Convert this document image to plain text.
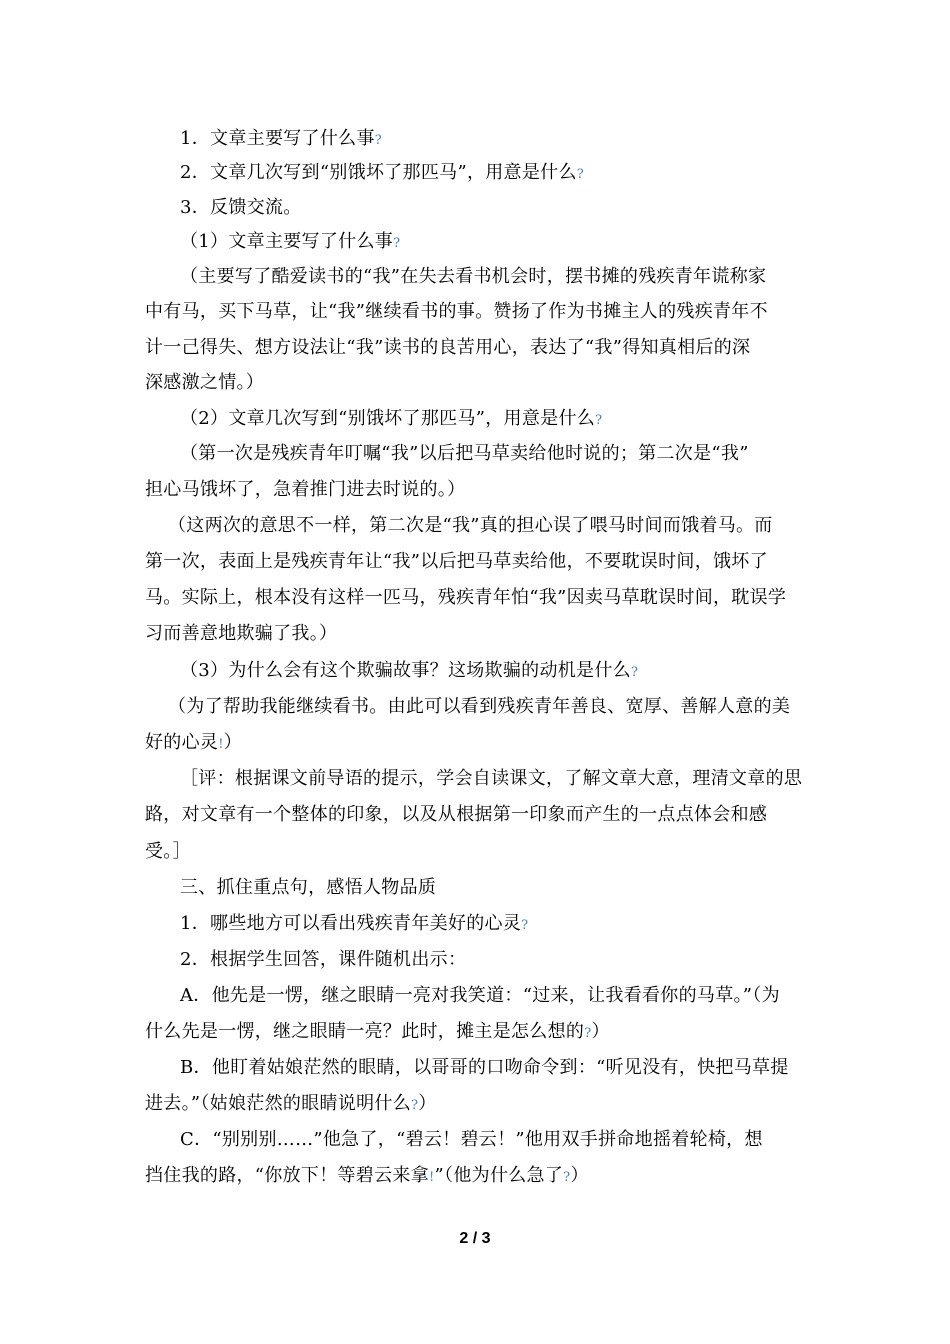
1．文章主要写了什么事?
2．文章几次写到“别饿坏了那匹马”，用意是什么?
3．反馈交流。
（1）文章主要写了什么事?
（主要写了酷爱读书的“我”在失去看书机会时，摆书摊的残疾青年谎称家
中有马，买下马草，让“我”继续看书的事。赞扬了作为书摊主人的残疾青年不
计一己得失、想方设法让“我”读书的良苦用心，表达了“我”得知真相后的深
深感激之情。）
（2）文章几次写到“别饿坏了那匹马”，用意是什么?
（第一次是残疾青年叮嘱“我”以后把马草卖给他时说的；第二次是“我”
担心马饿坏了，急着推门进去时说的。）
（这两次的意思不一样，第二次是“我”真的担心误了喂马时间而饿着马。而
第一次，表面上是残疾青年让“我”以后把马草卖给他，不要耽误时间，饿坏了
马。实际上，根本没有这样一匹马，残疾青年怕“我”因卖马草耽误时间，耽误学
习而善意地欺骗了我。）
（3）为什么会有这个欺骗故事？这场欺骗的动机是什么?
（为了帮助我能继续看书。由此可以看到残疾青年善良、宽厚、善解人意的美
好的心灵!）
［评：根据课文前导语的提示，学会自读课文，了解文章大意，理清文章的思
路，对文章有一个整体的印象，以及从根据第一印象而产生的一点点体会和感
受。］
三、抓住重点句，感悟人物品质
1．哪些地方可以看出残疾青年美好的心灵?
2．根据学生回答，课件随机出示：
A．他先是一愣，继之眼睛一亮对我笑道：“过来，让我看看你的马草。”（为
什么先是一愣，继之眼睛一亮？此时，摊主是怎么想的?）
B．他盯着姑娘茫然的眼睛，以哥哥的口吻命令到：“听见没有，快把马草提
进去。”（姑娘茫然的眼睛说明什么?）
C．“别别别……”他急了，“碧云！碧云！”他用双手拼命地摇着轮椅，想
挡住我的路，“你放下！等碧云来拿!”（他为什么急了?）
2 / 3
